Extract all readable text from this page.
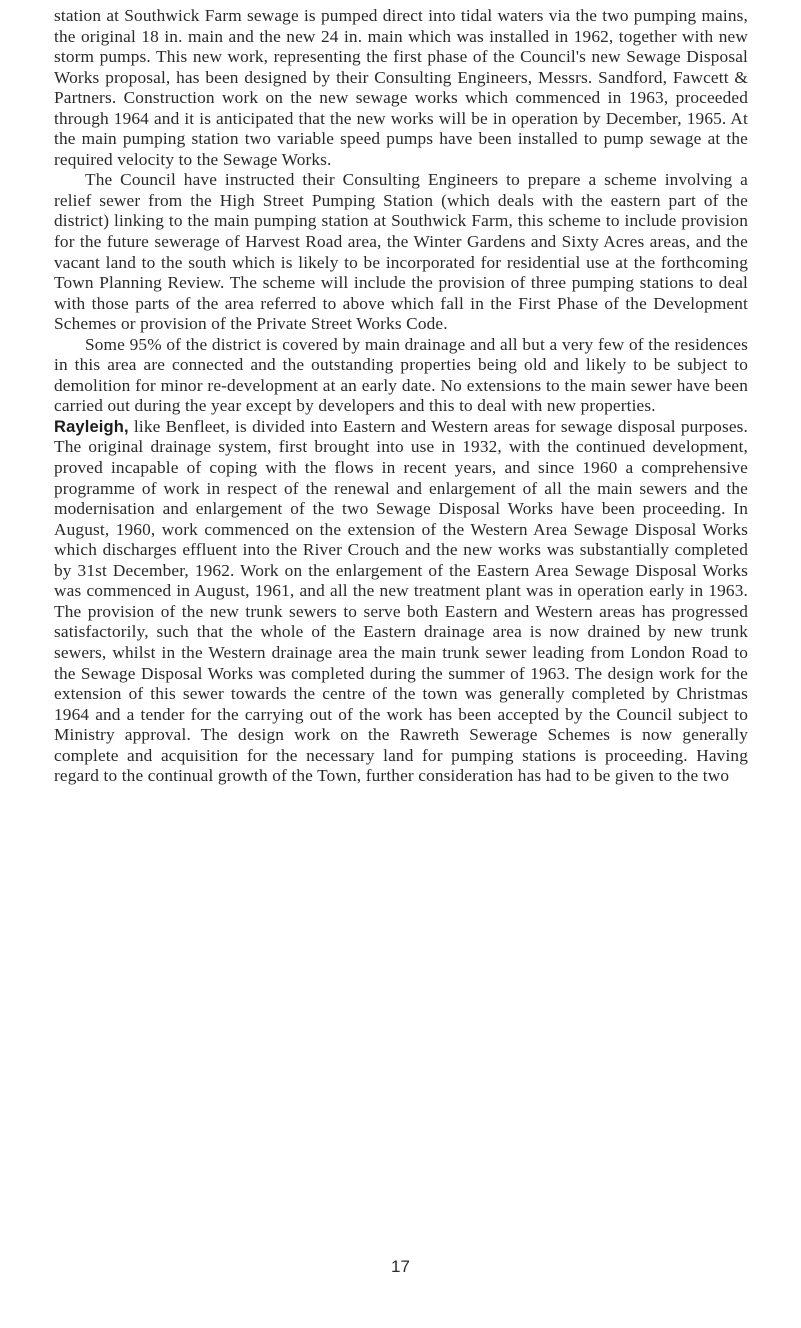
station at Southwick Farm sewage is pumped direct into tidal waters via the two pumping mains, the original 18 in. main and the new 24 in. main which was installed in 1962, together with new storm pumps. This new work, representing the first phase of the Council's new Sewage Disposal Works proposal, has been designed by their Consulting Engineers, Messrs. Sandford, Fawcett & Partners. Construction work on the new sewage works which commenced in 1963, proceeded through 1964 and it is anticipated that the new works will be in operation by December, 1965. At the main pumping station two variable speed pumps have been installed to pump sewage at the required velocity to the Sewage Works.

The Council have instructed their Consulting Engineers to prepare a scheme involving a relief sewer from the High Street Pumping Station (which deals with the eastern part of the district) linking to the main pumping station at Southwick Farm, this scheme to include provision for the future sewerage of Harvest Road area, the Winter Gardens and Sixty Acres areas, and the vacant land to the south which is likely to be incorporated for residential use at the forthcoming Town Planning Review. The scheme will include the provision of three pumping stations to deal with those parts of the area referred to above which fall in the First Phase of the Development Schemes or provision of the Private Street Works Code.

Some 95% of the district is covered by main drainage and all but a very few of the residences in this area are connected and the outstanding properties being old and likely to be subject to demolition for minor re-development at an early date. No extensions to the main sewer have been carried out during the year except by developers and this to deal with new properties.

Rayleigh, like Benfleet, is divided into Eastern and Western areas for sewage disposal purposes. The original drainage system, first brought into use in 1932, with the continued development, proved incapable of coping with the flows in recent years, and since 1960 a comprehensive programme of work in respect of the renewal and enlargement of all the main sewers and the modernisation and enlargement of the two Sewage Disposal Works have been proceeding. In August, 1960, work commenced on the extension of the Western Area Sewage Disposal Works which discharges effluent into the River Crouch and the new works was substantially completed by 31st December, 1962. Work on the enlargement of the Eastern Area Sewage Disposal Works was commenced in August, 1961, and all the new treatment plant was in operation early in 1963. The provision of the new trunk sewers to serve both Eastern and Western areas has progressed satisfactorily, such that the whole of the Eastern drainage area is now drained by new trunk sewers, whilst in the Western drainage area the main trunk sewer leading from London Road to the Sewage Disposal Works was completed during the summer of 1963. The design work for the extension of this sewer towards the centre of the town was generally completed by Christmas 1964 and a tender for the carrying out of the work has been accepted by the Council subject to Ministry approval. The design work on the Rawreth Sewerage Schemes is now generally complete and acquisition for the necessary land for pumping stations is proceeding. Having regard to the continual growth of the Town, further consideration has had to be given to the two

17
